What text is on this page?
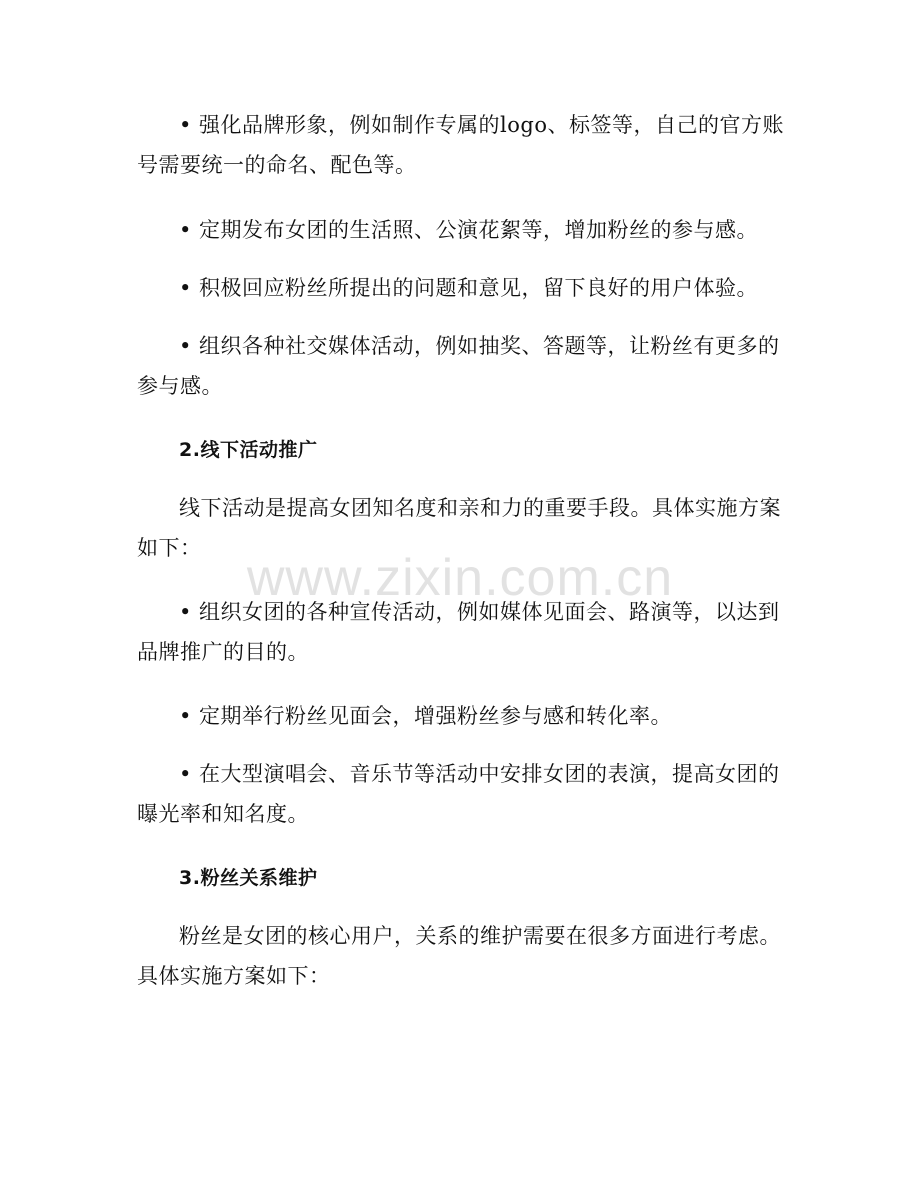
• 强化品牌形象，例如制作专属的logo、标签等，自己的官方账号需要统一的命名、配色等。

• 定期发布女团的生活照、公演花絮等，增加粉丝的参与感。

• 积极回应粉丝所提出的问题和意见，留下良好的用户体验。

• 组织各种社交媒体活动，例如抽奖、答题等，让粉丝有更多的参与感。

2.线下活动推广

线下活动是提高女团知名度和亲和力的重要手段。具体实施方案如下：

• 组织女团的各种宣传活动，例如媒体见面会、路演等，以达到品牌推广的目的。

• 定期举行粉丝见面会，增强粉丝参与感和转化率。

• 在大型演唱会、音乐节等活动中安排女团的表演，提高女团的曝光率和知名度。

3.粉丝关系维护

粉丝是女团的核心用户，关系的维护需要在很多方面进行考虑。具体实施方案如下：

www.zixin.com.cn
